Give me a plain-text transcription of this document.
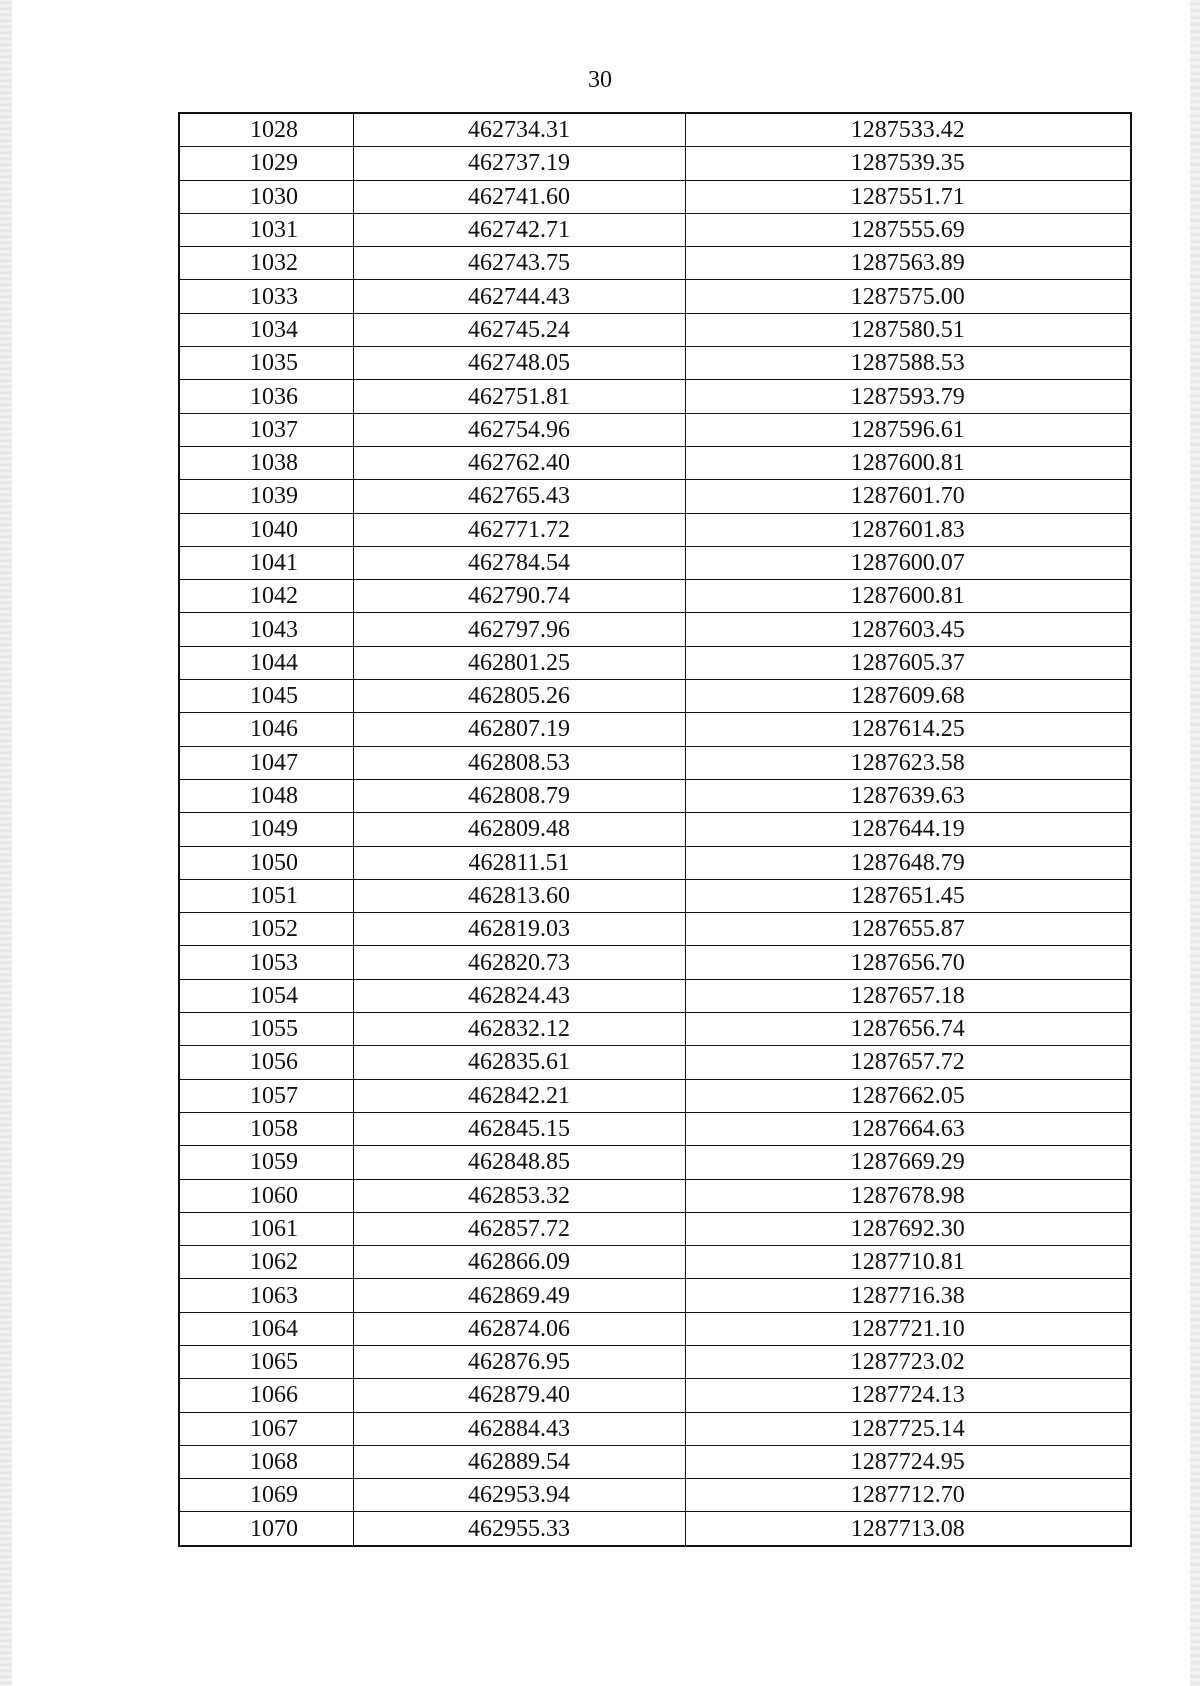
30
1028	462734.31	1287533.42
1029	462737.19	1287539.35
1030	462741.60	1287551.71
1031	462742.71	1287555.69
1032	462743.75	1287563.89
1033	462744.43	1287575.00
1034	462745.24	1287580.51
1035	462748.05	1287588.53
1036	462751.81	1287593.79
1037	462754.96	1287596.61
1038	462762.40	1287600.81
1039	462765.43	1287601.70
1040	462771.72	1287601.83
1041	462784.54	1287600.07
1042	462790.74	1287600.81
1043	462797.96	1287603.45
1044	462801.25	1287605.37
1045	462805.26	1287609.68
1046	462807.19	1287614.25
1047	462808.53	1287623.58
1048	462808.79	1287639.63
1049	462809.48	1287644.19
1050	462811.51	1287648.79
1051	462813.60	1287651.45
1052	462819.03	1287655.87
1053	462820.73	1287656.70
1054	462824.43	1287657.18
1055	462832.12	1287656.74
1056	462835.61	1287657.72
1057	462842.21	1287662.05
1058	462845.15	1287664.63
1059	462848.85	1287669.29
1060	462853.32	1287678.98
1061	462857.72	1287692.30
1062	462866.09	1287710.81
1063	462869.49	1287716.38
1064	462874.06	1287721.10
1065	462876.95	1287723.02
1066	462879.40	1287724.13
1067	462884.43	1287725.14
1068	462889.54	1287724.95
1069	462953.94	1287712.70
1070	462955.33	1287713.08
